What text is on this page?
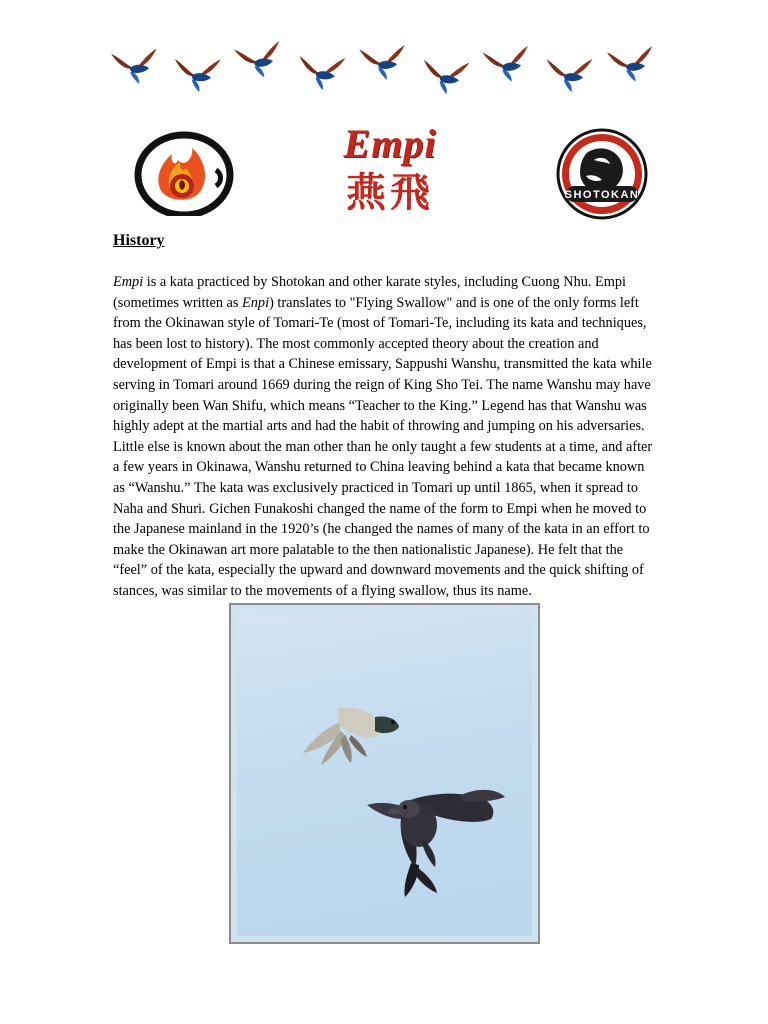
SHOTOKAN
Empi
燕飛
History

Empi is a kata practiced by Shotokan and other karate styles, including Cuong Nhu. Empi (sometimes written as Enpi) translates to "Flying Swallow" and is one of the only forms left from the Okinawan style of Tomari-Te (most of Tomari-Te, including its kata and techniques, has been lost to history). The most commonly accepted theory about the creation and development of Empi is that a Chinese emissary, Sappushi Wanshu, transmitted the kata while serving in Tomari around 1669 during the reign of King Sho Tei. The name Wanshu may have originally been Wan Shifu, which means “Teacher to the King.” Legend has that Wanshu was highly adept at the martial arts and had the habit of throwing and jumping on his adversaries. Little else is known about the man other than he only taught a few students at a time, and after a few years in Okinawa, Wanshu returned to China leaving behind a kata that became known as “Wanshu.” The kata was exclusively practiced in Tomari up until 1865, when it spread to Naha and Shuri. Gichen Funakoshi changed the name of the form to Empi when he moved to the Japanese mainland in the 1920’s (he changed the names of many of the kata in an effort to make the Okinawan art more palatable to the then nationalistic Japanese). He felt that the “feel” of the kata, especially the upward and downward movements and the quick shifting of stances, was similar to the movements of a flying swallow, thus its name.
